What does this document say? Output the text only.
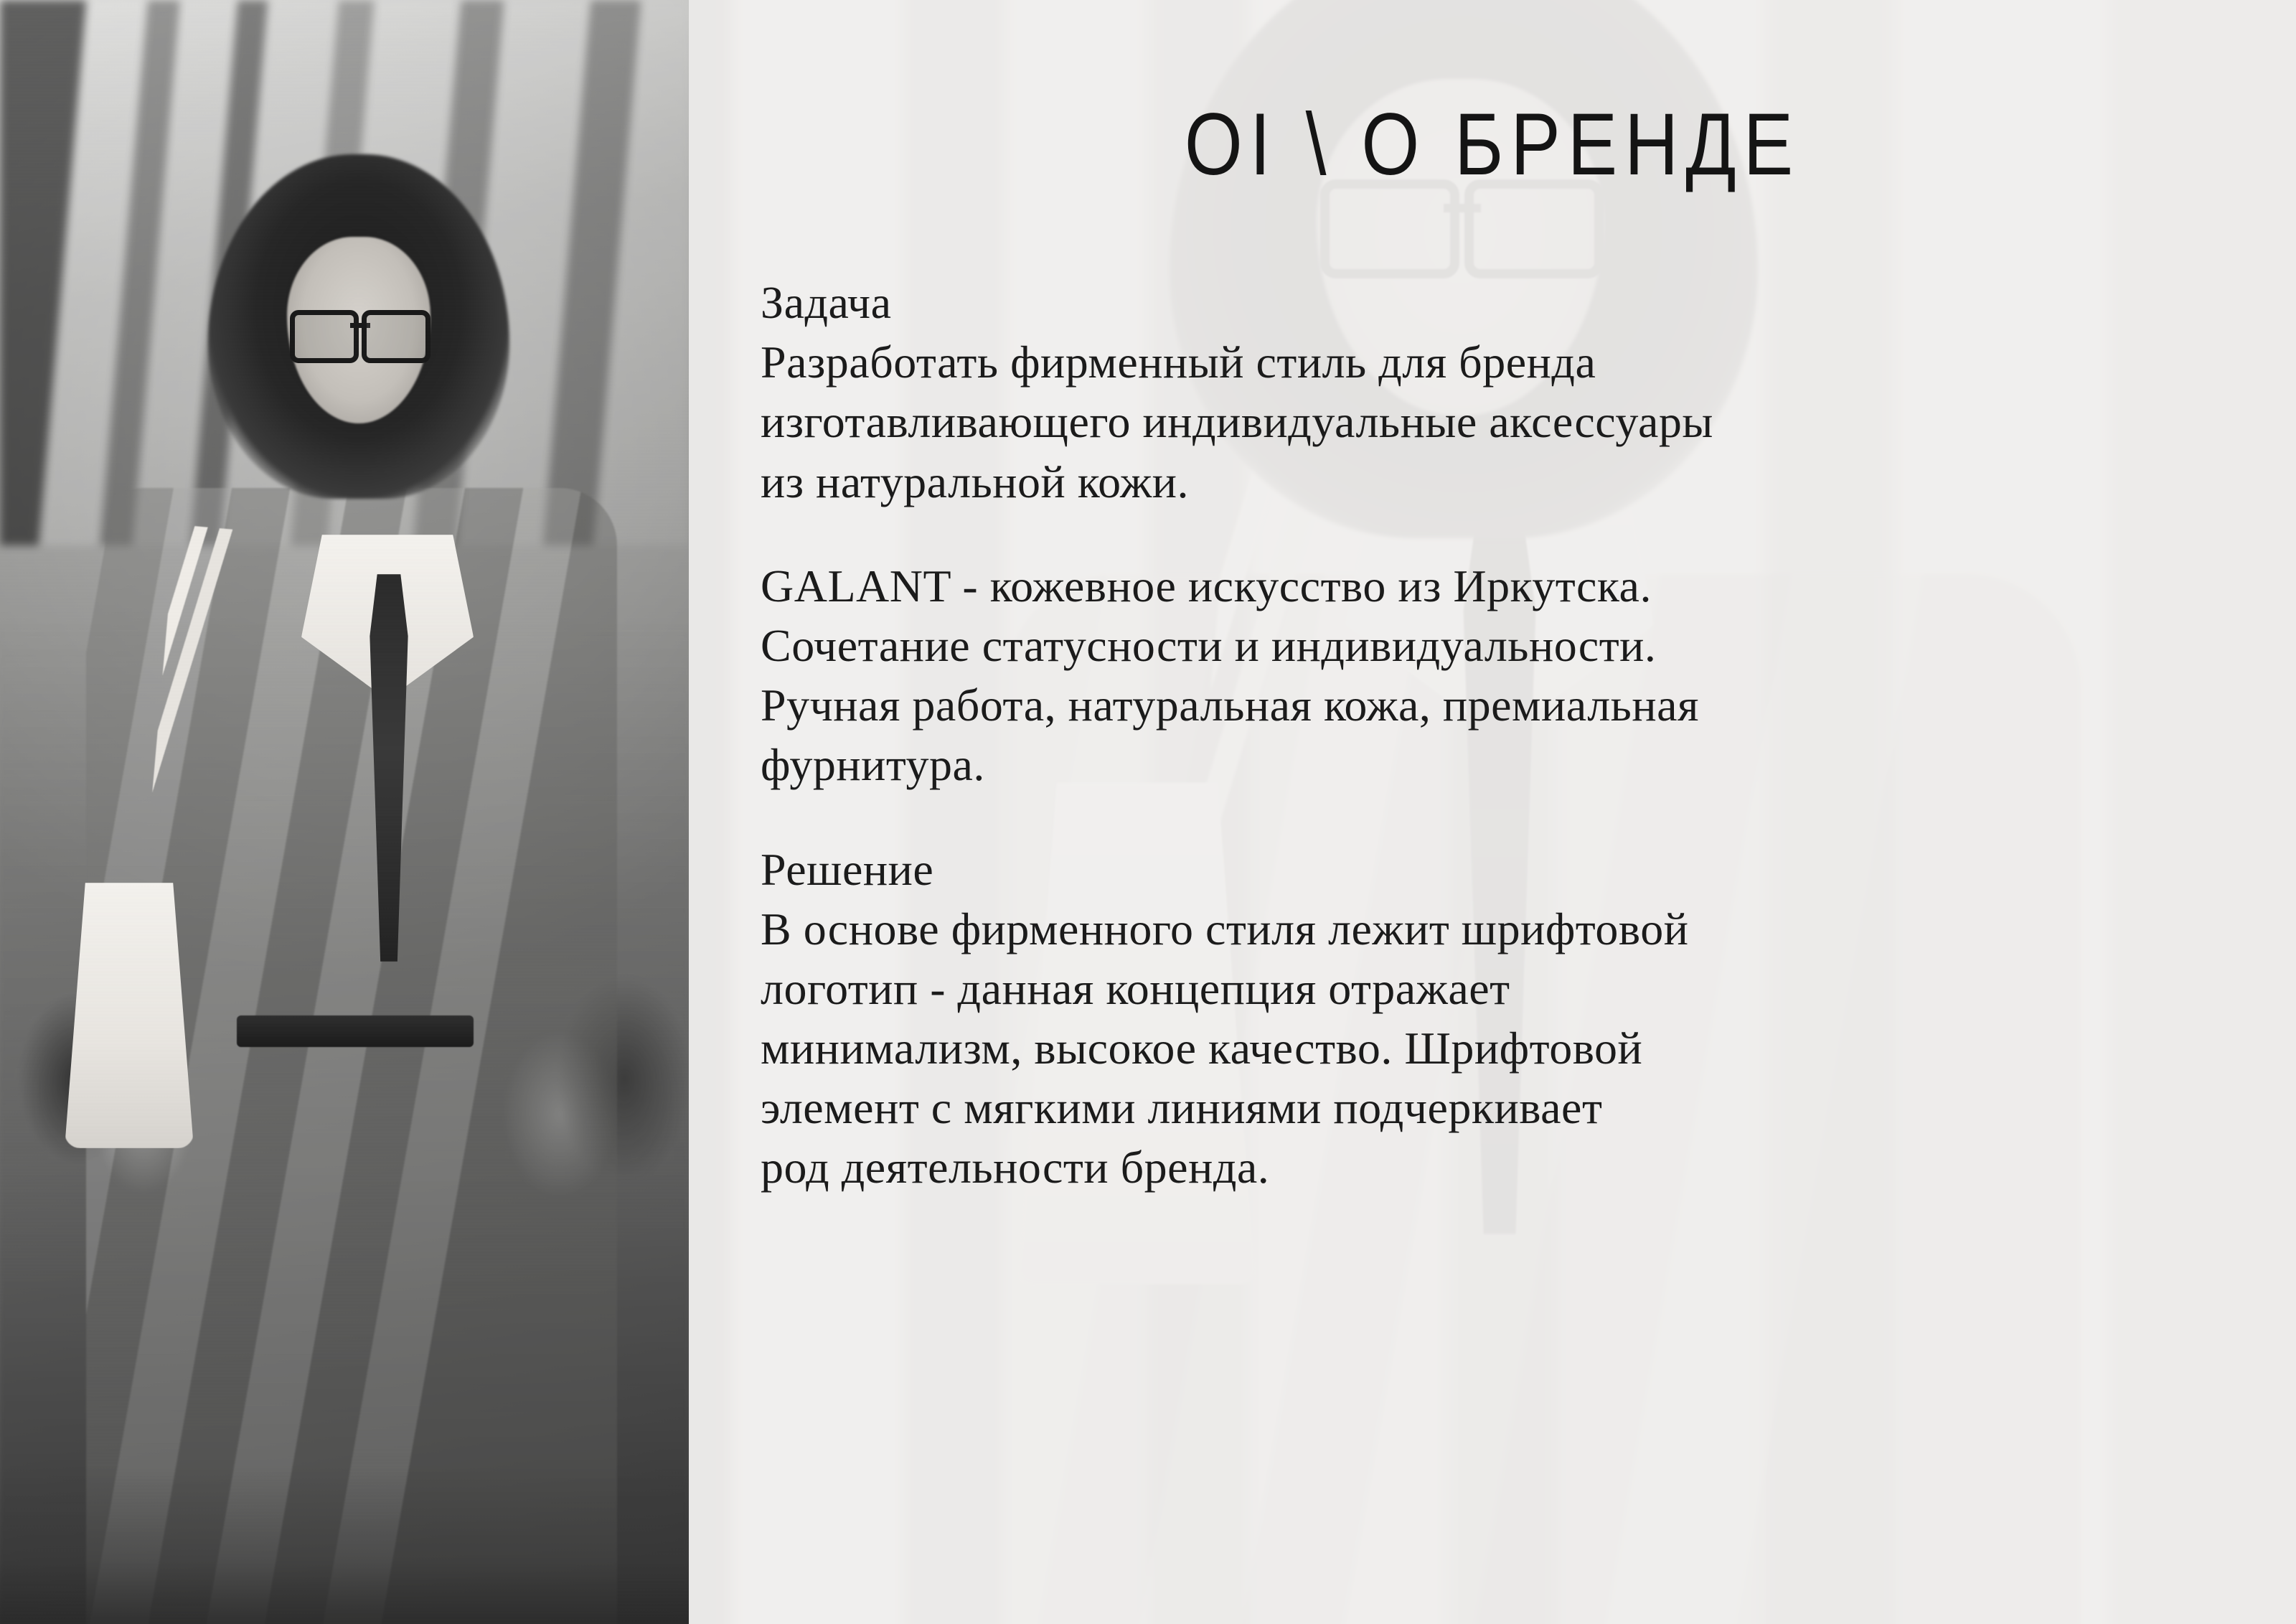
OI \ О БРЕНДЕ

Задача

Разработать фирменный стиль для бренда

изготавливающего индивидуальные аксессуары

из натуральной кожи.

GALANT - кожевное искусство из Иркутска.

Сочетание статусности и индивидуальности.

Ручная работа, натуральная кожа, премиальная

фурнитура.

Решение

В основе фирменного стиля лежит шрифтовой

логотип - данная концепция отражает

минимализм, высокое качество. Шрифтовой

элемент с мягкими линиями подчеркивает

род деятельности бренда.
